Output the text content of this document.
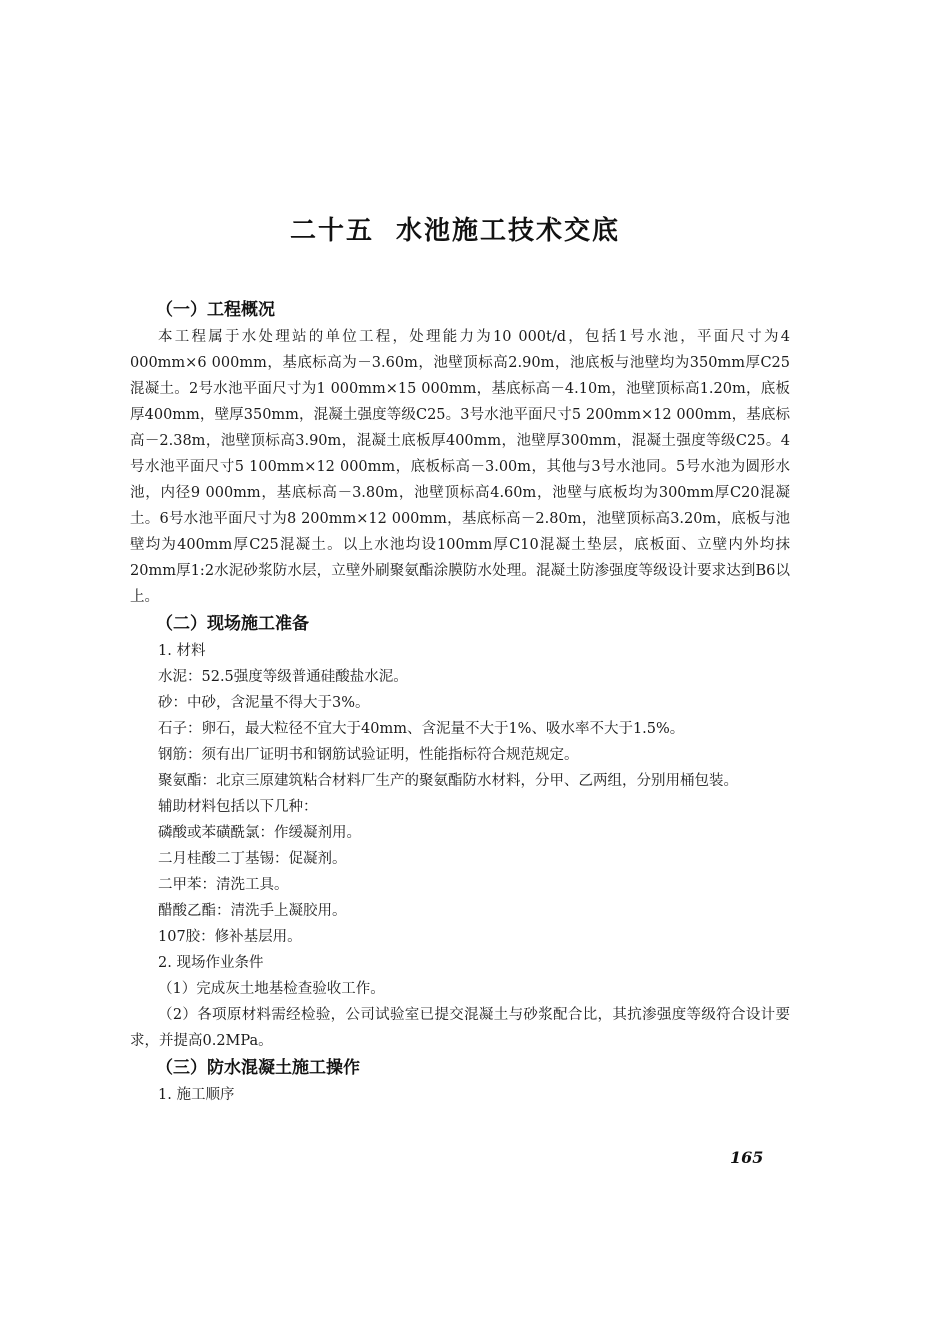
二十五 水池施工技术交底
（一）工程概况

本工程属于水处理站的单位工程，处理能力为10 000t/d，包括1号水池，平面尺寸为4 000mm×6 000mm，基底标高为－3.60m，池壁顶标高2.90m，池底板与池壁均为350mm厚C25混凝土。2号水池平面尺寸为1 000mm×15 000mm，基底标高－4.10m，池壁顶标高1.20m，底板厚400mm，壁厚350mm，混凝土强度等级C25。3号水池平面尺寸5 200mm×12 000mm，基底标高－2.38m，池壁顶标高3.90m，混凝土底板厚400mm，池壁厚300mm，混凝土强度等级C25。4号水池平面尺寸5 100mm×12 000mm，底板标高－3.00m，其他与3号水池同。5号水池为圆形水池，内径9 000mm，基底标高－3.80m，池壁顶标高4.60m，池壁与底板均为300mm厚C20混凝土。6号水池平面尺寸为8 200mm×12 000mm，基底标高－2.80m，池壁顶标高3.20m，底板与池壁均为400mm厚C25混凝土。以上水池均设100mm厚C10混凝土垫层，底板面、立壁内外均抹20mm厚1:2水泥砂浆防水层，立壁外刷聚氨酯涂膜防水处理。混凝土防渗强度等级设计要求达到B6以上。

（二）现场施工准备

1. 材料

水泥：52.5强度等级普通硅酸盐水泥。

砂：中砂，含泥量不得大于3%。

石子：卵石，最大粒径不宜大于40mm、含泥量不大于1%、吸水率不大于1.5%。

钢筋：须有出厂证明书和钢筋试验证明，性能指标符合规范规定。

聚氨酯：北京三原建筑粘合材料厂生产的聚氨酯防水材料，分甲、乙两组，分别用桶包装。

辅助材料包括以下几种：

磷酸或苯磺酰氯：作缓凝剂用。

二月桂酸二丁基锡：促凝剂。

二甲苯：清洗工具。

醋酸乙酯：清洗手上凝胶用。

107胶：修补基层用。

2. 现场作业条件

（1）完成灰土地基检查验收工作。

（2）各项原材料需经检验，公司试验室已提交混凝土与砂浆配合比，其抗渗强度等级符合设计要求，并提高0.2MPa。

（三）防水混凝土施工操作

1. 施工顺序

165
